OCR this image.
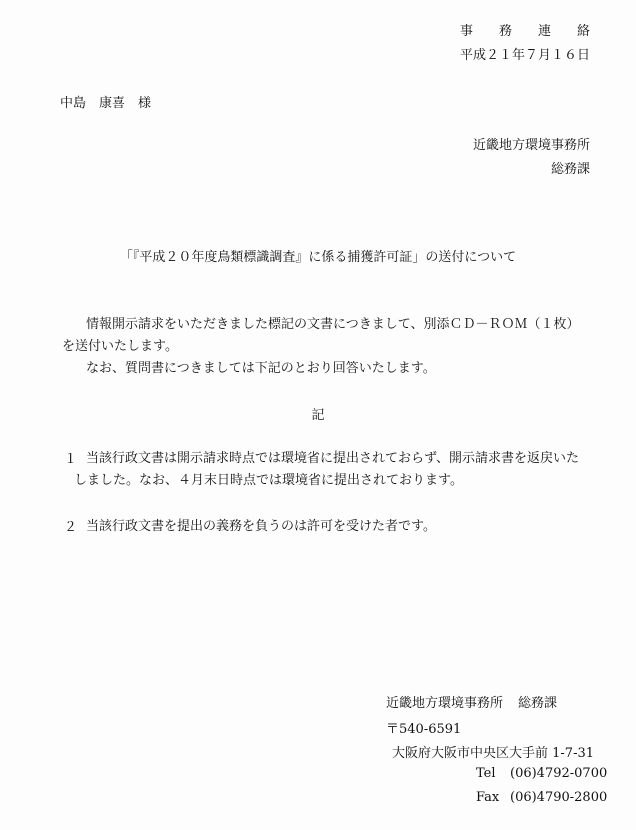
事務連絡
平成２１年７月１６日
中島　康喜　様
近畿地方環境事務所
総務課
「『平成２０年度鳥類標識調査』に係る捕獲許可証」の送付について
情報開示請求をいただきました標記の文書につきまして、別添ＣＤ－ＲＯＭ（１枚）
を送付いたします。
なお、質問書につきましては下記のとおり回答いたします。
記
１ 当該行政文書は開示請求時点では環境省に提出されておらず、開示請求書を返戻いた
しました。なお、４月末日時点では環境省に提出されております。
２ 当該行政文書を提出の義務を負うのは許可を受けた者です。
近畿地方環境事務所 総務課
〒540-6591
大阪府大阪市中央区大手前 1-7-31
Tel (06)4792-0700
Fax (06)4790-2800
